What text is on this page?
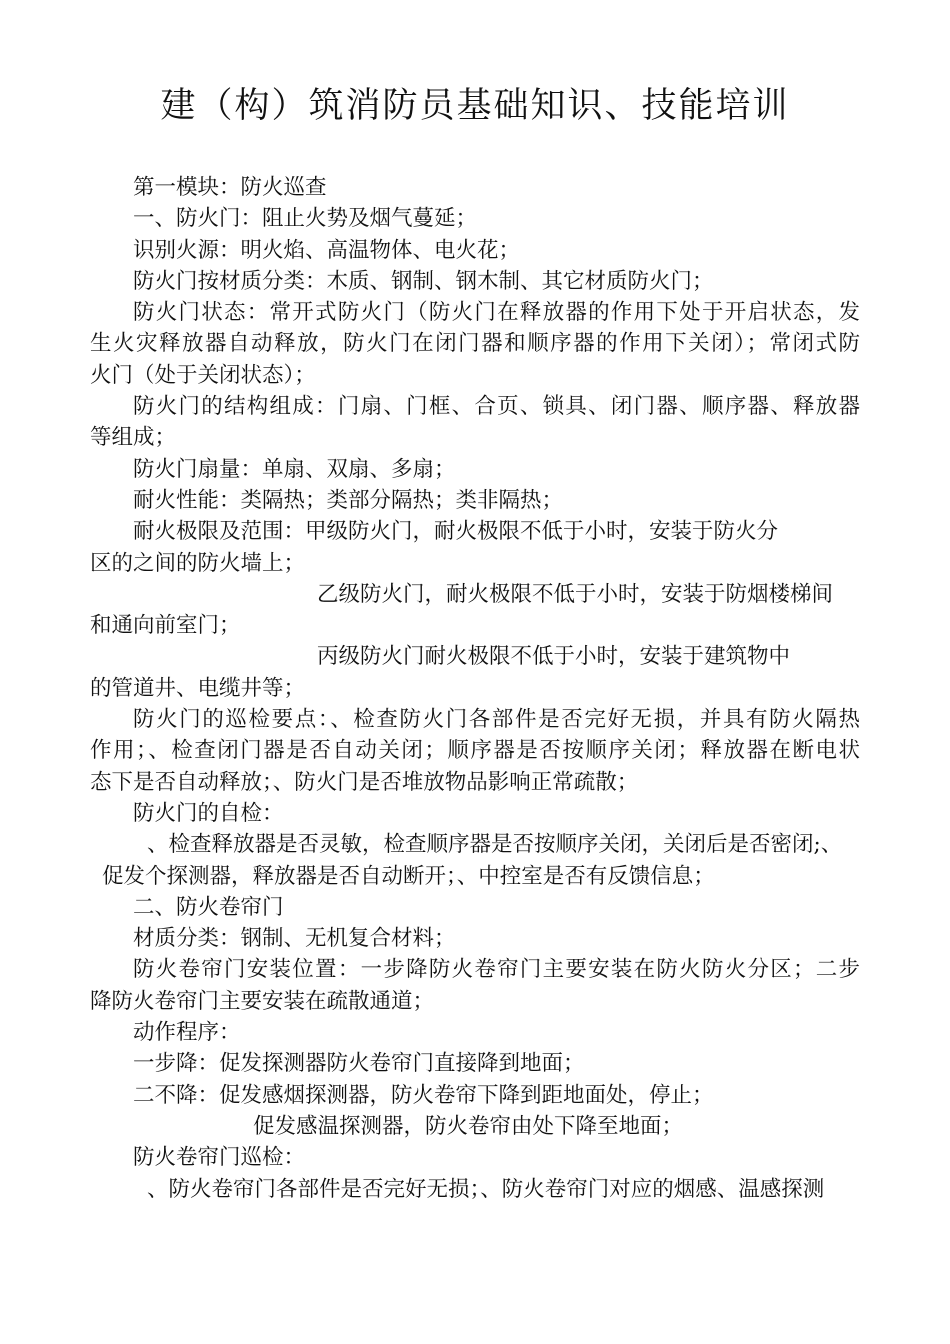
建（构）筑消防员基础知识、技能培训
第一模块：防火巡查
一、防火门：阻止火势及烟气蔓延；
识别火源：明火焰、高温物体、电火花；
防火门按材质分类：木质、钢制、钢木制、其它材质防火门；
防火门状态：常开式防火门（防火门在释放器的作用下处于开启状态，发
生火灾释放器自动释放，防火门在闭门器和顺序器的作用下关闭）；常闭式防
火门（处于关闭状态）；
防火门的结构组成：门扇、门框、合页、锁具、闭门器、顺序器、释放器
等组成；
防火门扇量：单扇、双扇、多扇；
耐火性能：类隔热；类部分隔热；类非隔热；
耐火极限及范围：甲级防火门，耐火极限不低于小时，安装于防火分
区的之间的防火墙上；
乙级防火门，耐火极限不低于小时，安装于防烟楼梯间
和通向前室门；
丙级防火门耐火极限不低于小时，安装于建筑物中
的管道井、电缆井等；
防火门的巡检要点：、检查防火门各部件是否完好无损，并具有防火隔热
作用；、检查闭门器是否自动关闭；顺序器是否按顺序关闭；释放器在断电状
态下是否自动释放；、防火门是否堆放物品影响正常疏散；
防火门的自检：
、检查释放器是否灵敏，检查顺序器是否按顺序关闭，关闭后是否密闭;、
促发个探测器，释放器是否自动断开；、中控室是否有反馈信息；
二、防火卷帘门
材质分类：钢制、无机复合材料；
防火卷帘门安装位置：一步降防火卷帘门主要安装在防火防火分区；二步
降防火卷帘门主要安装在疏散通道；
动作程序：
一步降：促发探测器防火卷帘门直接降到地面；
二不降：促发感烟探测器，防火卷帘下降到距地面处，停止；
促发感温探测器，防火卷帘由处下降至地面；
防火卷帘门巡检：
、防火卷帘门各部件是否完好无损；、防火卷帘门对应的烟感、温感探测
